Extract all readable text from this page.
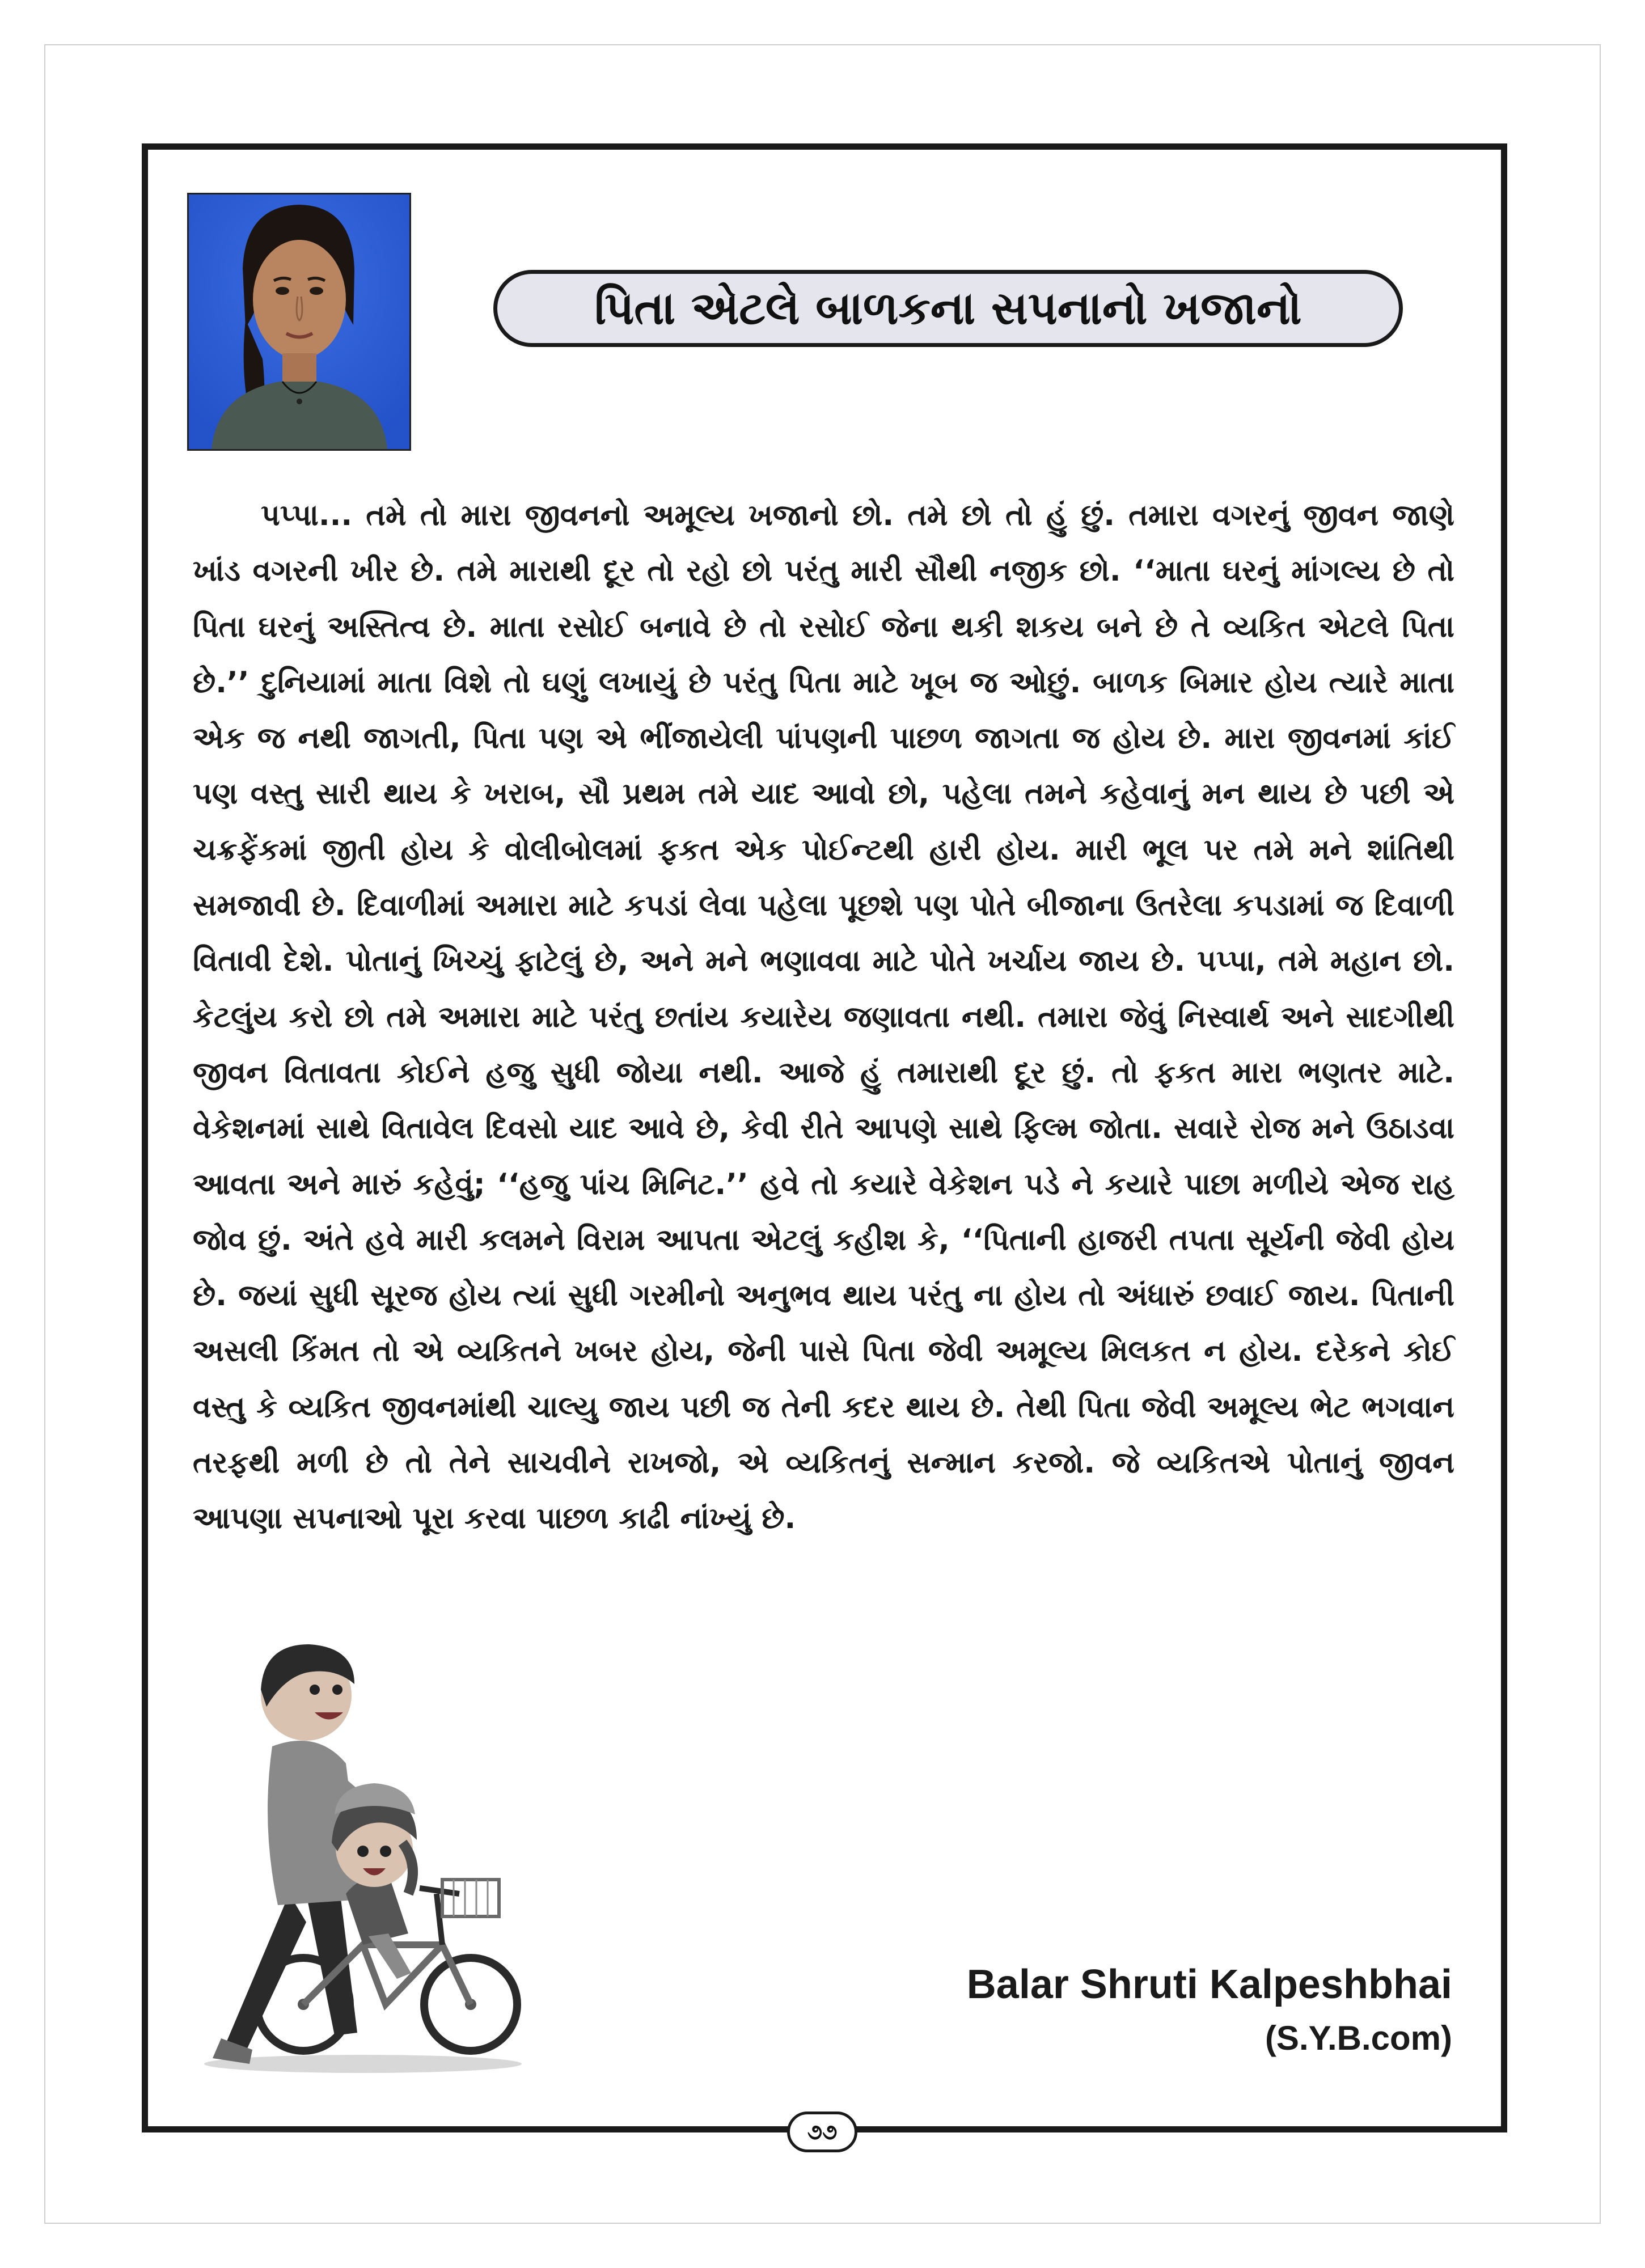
પિતા એટલે બાળકના સપનાનો ખજાનો

પપ્પા... તમે તો મારા જીવનનો અમૂલ્ય ખજાનો છો. તમે છો તો હું છું. તમારા વગરનું જીવન જાણે ખાંડ વગરની ખીર છે. તમે મારાથી દૂર તો રહો છો પરંતુ મારી સૌથી નજીક છો. ‘‘માતા ઘરનું માંગલ્ય છે તો પિતા ઘરનું અસ્તિત્વ છે. માતા રસોઈ બનાવે છે તો રસોઈ જેના થકી શકય બને છે તે વ્યકિત એટલે પિતા છે.’’ દુનિયામાં માતા વિશે તો ઘણું લખાયું છે પરંતુ પિતા માટે ખૂબ જ ઓછું. બાળક બિમાર હોય ત્યારે માતા એક જ નથી જાગતી, પિતા પણ એ ભીંજાયેલી પાંપણની પાછળ જાગતા જ હોય છે. મારા જીવનમાં કાંઈ પણ વસ્તુ સારી થાય કે ખરાબ, સૌ પ્રથમ તમે યાદ આવો છો, પહેલા તમને કહેવાનું મન થાય છે પછી એ ચક્રફેંકમાં જીતી હોય કે વોલીબોલમાં ફકત એક પોઈન્ટથી હારી હોય. મારી ભૂલ પર તમે મને શાંતિથી સમજાવી છે. દિવાળીમાં અમારા માટે કપડાં લેવા પહેલા પૂછશે પણ પોતે બીજાના ઉતરેલા કપડામાં જ દિવાળી વિતાવી દેશે. પોતાનું ખિચ્ચું ફાટેલું છે, અને મને ભણાવવા માટે પોતે ખર્ચાય જાય છે. પપ્પા, તમે મહાન છો. કેટલુંય કરો છો તમે અમારા માટે પરંતુ છતાંય કયારેય જણાવતા નથી. તમારા જેવું નિસ્વાર્થ અને સાદગીથી જીવન વિતાવતા કોઈને હજુ સુધી જોયા નથી. આજે હું તમારાથી દૂર છું. તો ફકત મારા ભણતર માટે. વેકેશનમાં સાથે વિતાવેલ દિવસો યાદ આવે છે, કેવી રીતે આપણે સાથે ફિલ્મ જોતા. સવારે રોજ મને ઉઠાડવા આવતા અને મારું કહેવું; ‘‘હજુ પાંચ મિનિટ.’’ હવે તો કયારે વેકેશન પડે ને કયારે પાછા મળીયે એજ રાહ જોવ છું. અંતે હવે મારી કલમને વિરામ આપતા એટલું કહીશ કે, ‘‘પિતાની હાજરી તપતા સૂર્યની જેવી હોય છે. જયાં સુધી સૂરજ હોય ત્યાં સુધી ગરમીનો અનુભવ થાય પરંતુ ના હોય તો અંધારું છવાઈ જાય. પિતાની અસલી કિંમત તો એ વ્યકિતને ખબર હોય, જેની પાસે પિતા જેવી અમૂલ્ય મિલકત ન હોય. દરેકને કોઈ વસ્તુ કે વ્યકિત જીવનમાંથી ચાલ્યુ જાય પછી જ તેની કદર થાય છે. તેથી પિતા જેવી અમૂલ્ય ભેટ ભગવાન તરફથી મળી છે તો તેને સાચવીને રાખજો, એ વ્યકિતનું સન્માન કરજો. જે વ્યકિતએ પોતાનું જીવન આપણા સપનાઓ પૂરા કરવા પાછળ કાઢી નાંખ્યું છે.

Balar Shruti Kalpeshbhai
(S.Y.B.com)
૭૭
